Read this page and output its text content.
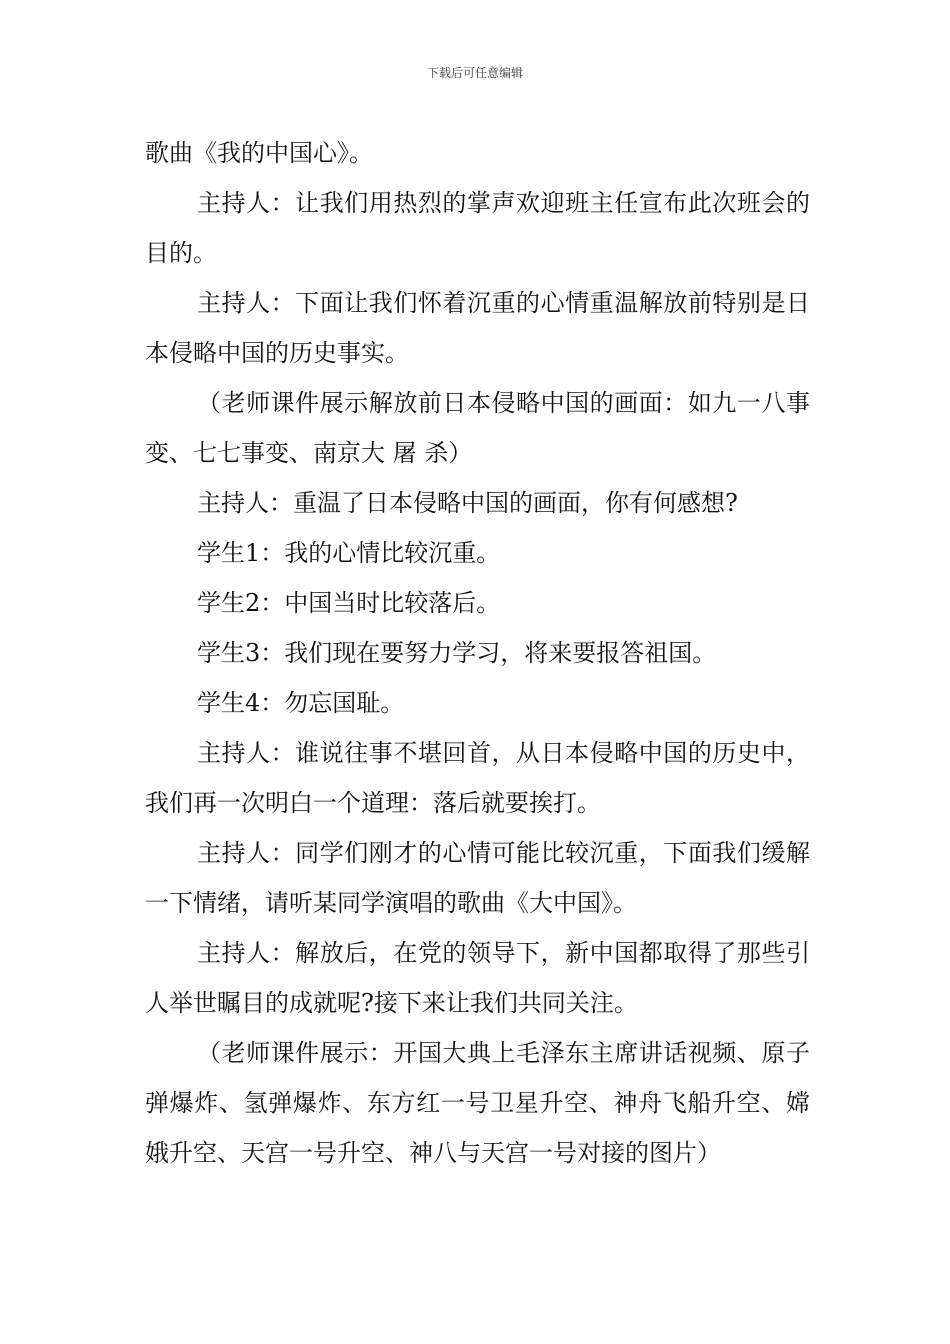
下载后可任意编辑

歌曲《我的中国心》。

主持人：让我们用热烈的掌声欢迎班主任宣布此次班会的目的。

主持人：下面让我们怀着沉重的心情重温解放前特别是日本侵略中国的历史事实。

（老师课件展示解放前日本侵略中国的画面：如九一八事变、七七事变、南京大 屠 杀）

主持人：重温了日本侵略中国的画面，你有何感想?

学生1：我的心情比较沉重。

学生2：中国当时比较落后。

学生3：我们现在要努力学习，将来要报答祖国。

学生4：勿忘国耻。

主持人：谁说往事不堪回首，从日本侵略中国的历史中，我们再一次明白一个道理：落后就要挨打。

主持人：同学们刚才的心情可能比较沉重，下面我们缓解一下情绪，请听某同学演唱的歌曲《大中国》。

主持人：解放后，在党的领导下，新中国都取得了那些引人举世瞩目的成就呢?接下来让我们共同关注。

（老师课件展示：开国大典上毛泽东主席讲话视频、原子 弹爆炸、氢弹爆炸、东方红一号卫星升空、神舟飞船升空、嫦娥升空、天宫一号升空、神八与天宫一号对接的图片）
